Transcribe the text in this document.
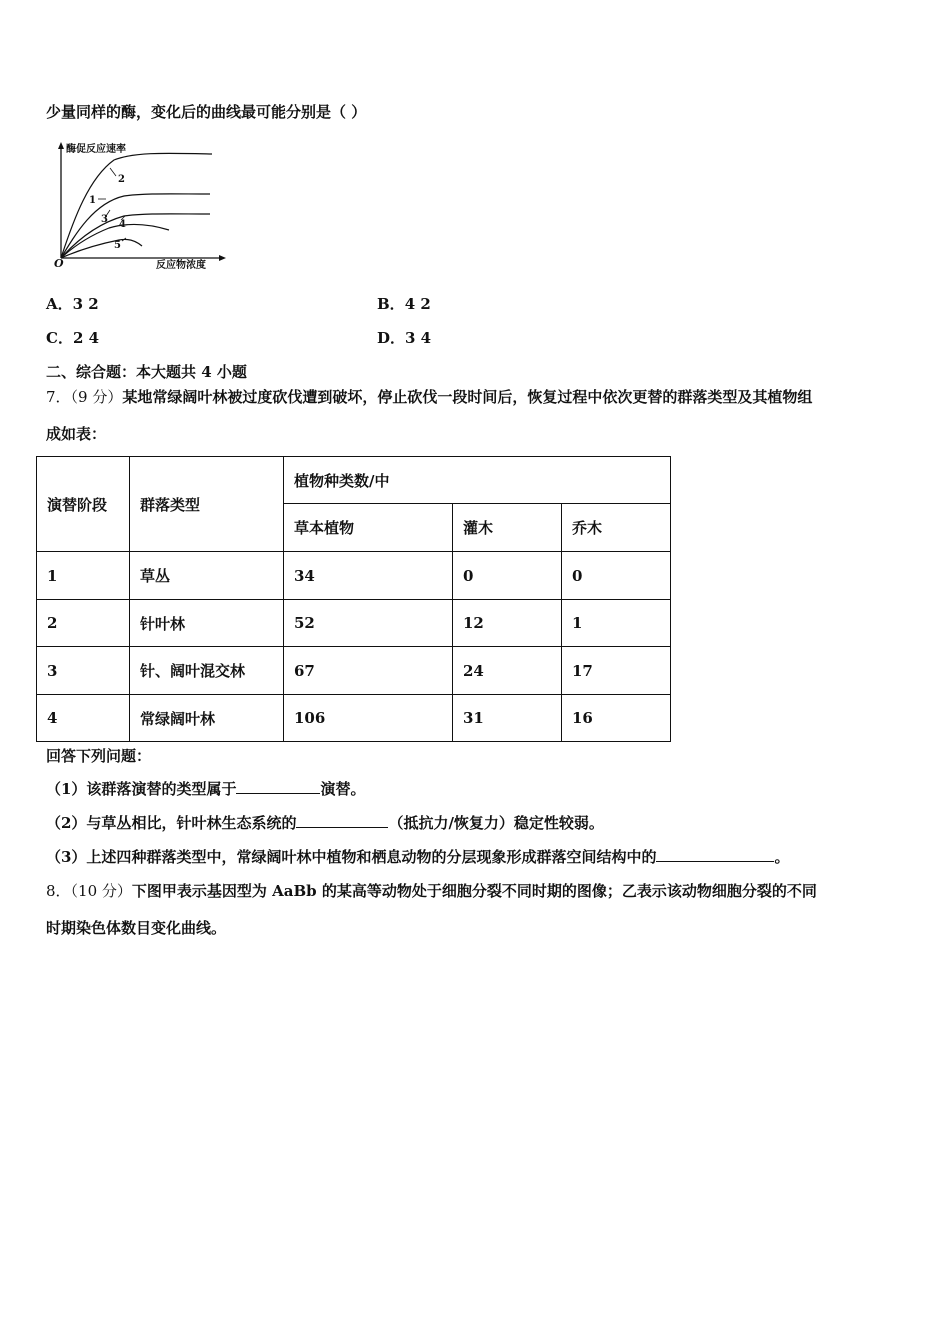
少量同样的酶，变化后的曲线最可能分别是（ ）
酶促反应速率
反应物浓度
O
2
1
3 4
5
A．3 2	B．4 2
C．2 4	D．3 4
二、综合题：本大题共 4 小题
7．（9 分）某地常绿阔叶林被过度砍伐遭到破坏，停止砍伐一段时间后，恢复过程中依次更替的群落类型及其植物组
成如表：
演替阶段	群落类型	植物种类数/中		
		草本植物	灌木	乔木
1	草丛	34	0	0
2	针叶林	52	12	1
3	针、阔叶混交林	67	24	17
4	常绿阔叶林	106	31	16
回答下列问题：
（1）该群落演替的类型属于	演替。
（2）与草丛相比，针叶林生态系统的	（抵抗力/恢复力）稳定性较弱。
（3）上述四种群落类型中，常绿阔叶林中植物和栖息动物的分层现象形成群落空间结构中的	。
8．（10 分）下图甲表示基因型为 AaBb 的某高等动物处于细胞分裂不同时期的图像；乙表示该动物细胞分裂的不同
时期染色体数目变化曲线。
